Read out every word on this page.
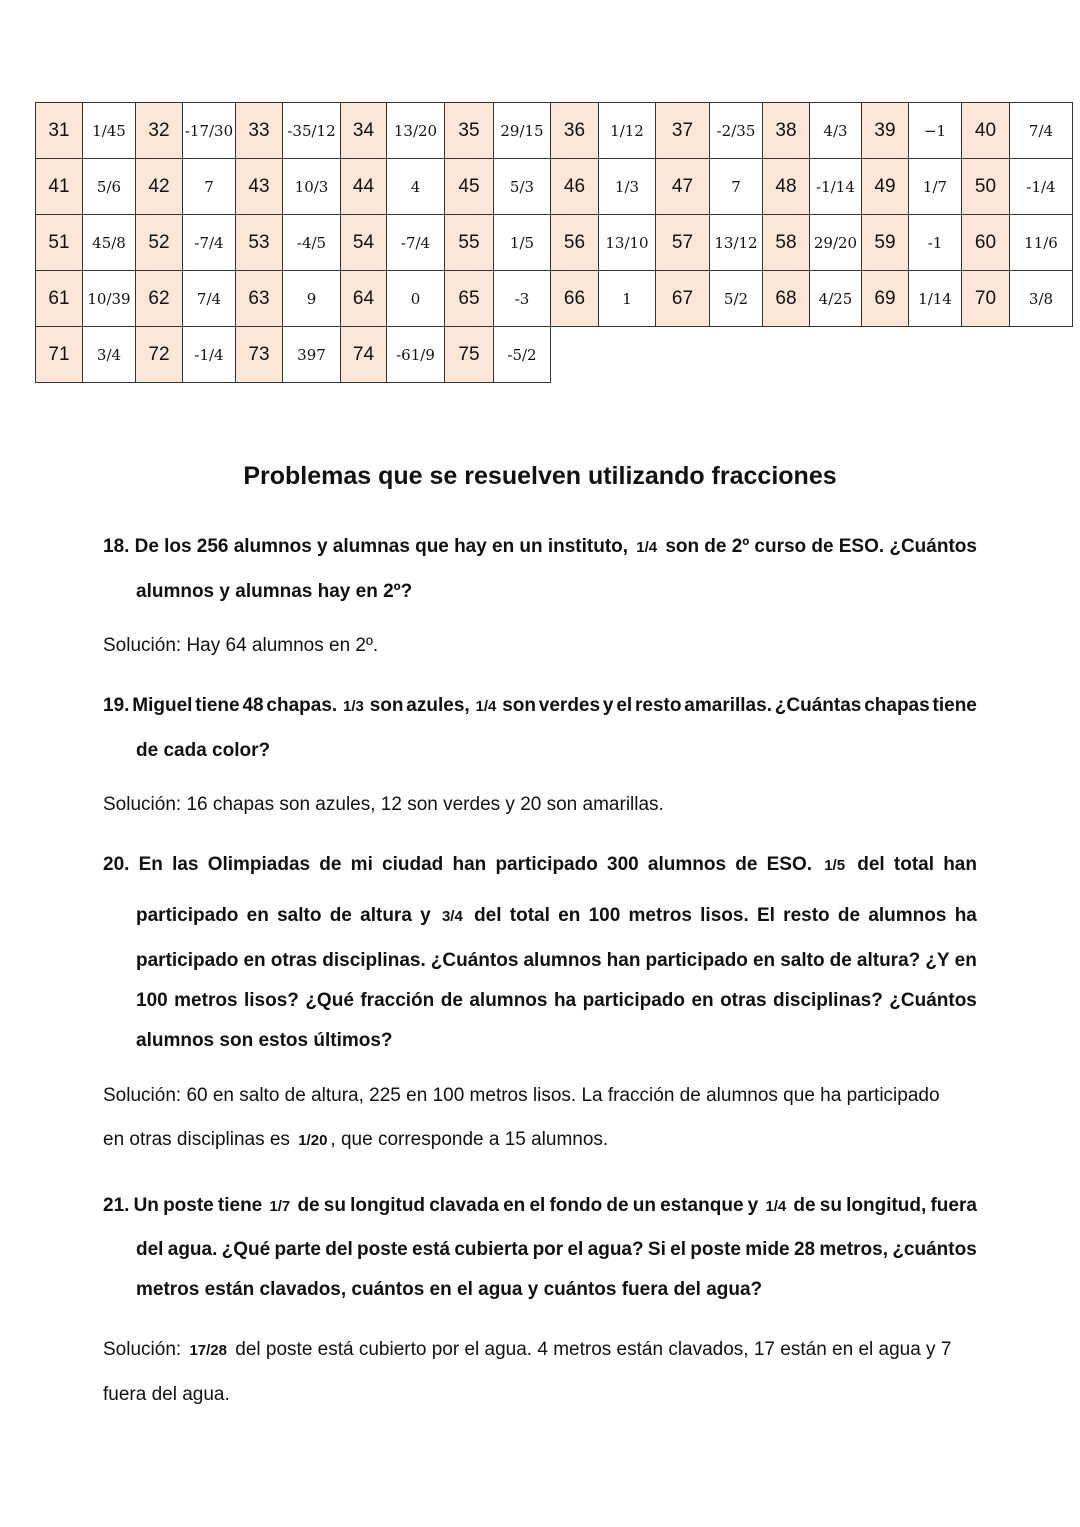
31	1/45	32	-17/30	33	-35/12	34	13/20	35	29/15	36	1/12	37	-2/35	38	4/3	39	−1	40	7/4
41	5/6	42	7	43	10/3	44	4	45	5/3	46	1/3	47	7	48	-1/14	49	1/7	50	-1/4
51	45/8	52	-7/4	53	-4/5	54	-7/4	55	1/5	56	13/10	57	13/12	58	29/20	59	-1	60	11/6
61	10/39	62	7/4	63	9	64	0	65	-3	66	1	67	5/2	68	4/25	69	1/14	70	3/8
71	3/4	72	-1/4	73	397	74	-61/9	75	-5/2										
Problemas que se resuelven utilizando fracciones
18. De los 256 alumnos y alumnas que hay en un instituto, 1/4 son de 2º curso de ESO. ¿Cuántos
alumnos y alumnas hay en 2º?
Solución: Hay 64 alumnos en 2º.
19. Miguel tiene 48 chapas. 1/3 son azules, 1/4 son verdes y el resto amarillas. ¿Cuántas chapas tiene
de cada color?
Solución: 16 chapas son azules, 12 son verdes y 20 son amarillas.
20. En las Olimpiadas de mi ciudad han participado 300 alumnos de ESO. 1/5 del total han
participado en salto de altura y 3/4 del total en 100 metros lisos. El resto de alumnos ha
participado en otras disciplinas. ¿Cuántos alumnos han participado en salto de altura? ¿Y en
100 metros lisos? ¿Qué fracción de alumnos ha participado en otras disciplinas? ¿Cuántos
alumnos son estos últimos?
Solución: 60 en salto de altura, 225 en 100 metros lisos. La fracción de alumnos que ha participado
en otras disciplinas es 1/20 , que corresponde a 15 alumnos.
21. Un poste tiene 1/7 de su longitud clavada en el fondo de un estanque y 1/4 de su longitud, fuera
del agua. ¿Qué parte del poste está cubierta por el agua? Si el poste mide 28 metros, ¿cuántos
metros están clavados, cuántos en el agua y cuántos fuera del agua?
Solución: 17/28 del poste está cubierto por el agua. 4 metros están clavados, 17 están en el agua y 7
fuera del agua.
